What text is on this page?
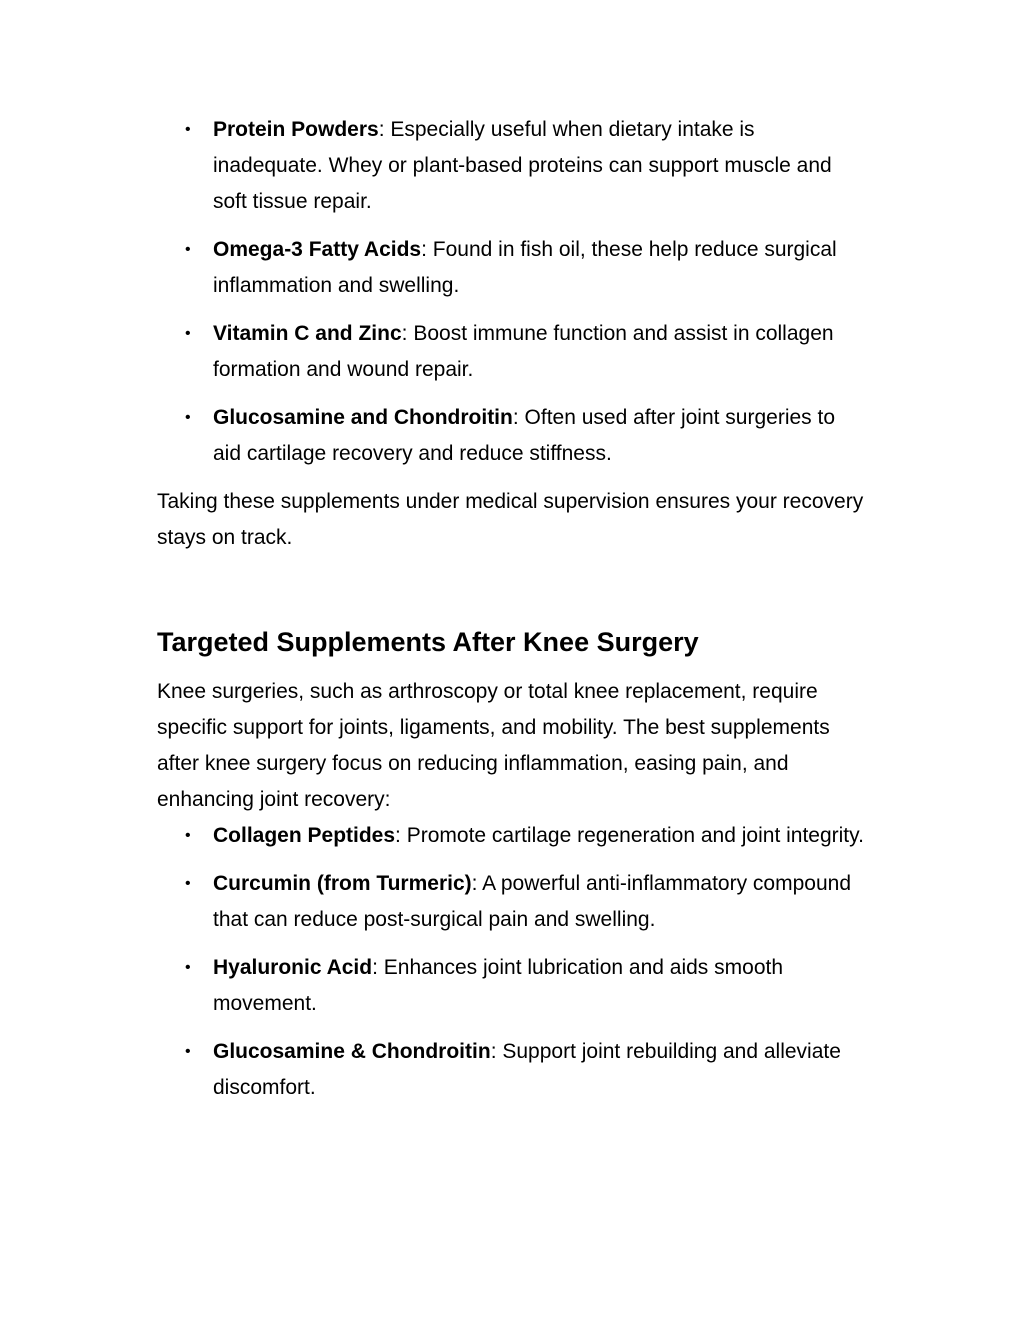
• Protein Powders: Especially useful when dietary intake is inadequate. Whey or plant-based proteins can support muscle and soft tissue repair.
• Omega-3 Fatty Acids: Found in fish oil, these help reduce surgical inflammation and swelling.
• Vitamin C and Zinc: Boost immune function and assist in collagen formation and wound repair.
• Glucosamine and Chondroitin: Often used after joint surgeries to aid cartilage recovery and reduce stiffness.

Taking these supplements under medical supervision ensures your recovery stays on track.

Targeted Supplements After Knee Surgery

Knee surgeries, such as arthroscopy or total knee replacement, require specific support for joints, ligaments, and mobility. The best supplements after knee surgery focus on reducing inflammation, easing pain, and enhancing joint recovery:

• Collagen Peptides: Promote cartilage regeneration and joint integrity.
• Curcumin (from Turmeric): A powerful anti-inflammatory compound that can reduce post-surgical pain and swelling.
• Hyaluronic Acid: Enhances joint lubrication and aids smooth movement.
• Glucosamine & Chondroitin: Support joint rebuilding and alleviate discomfort.
